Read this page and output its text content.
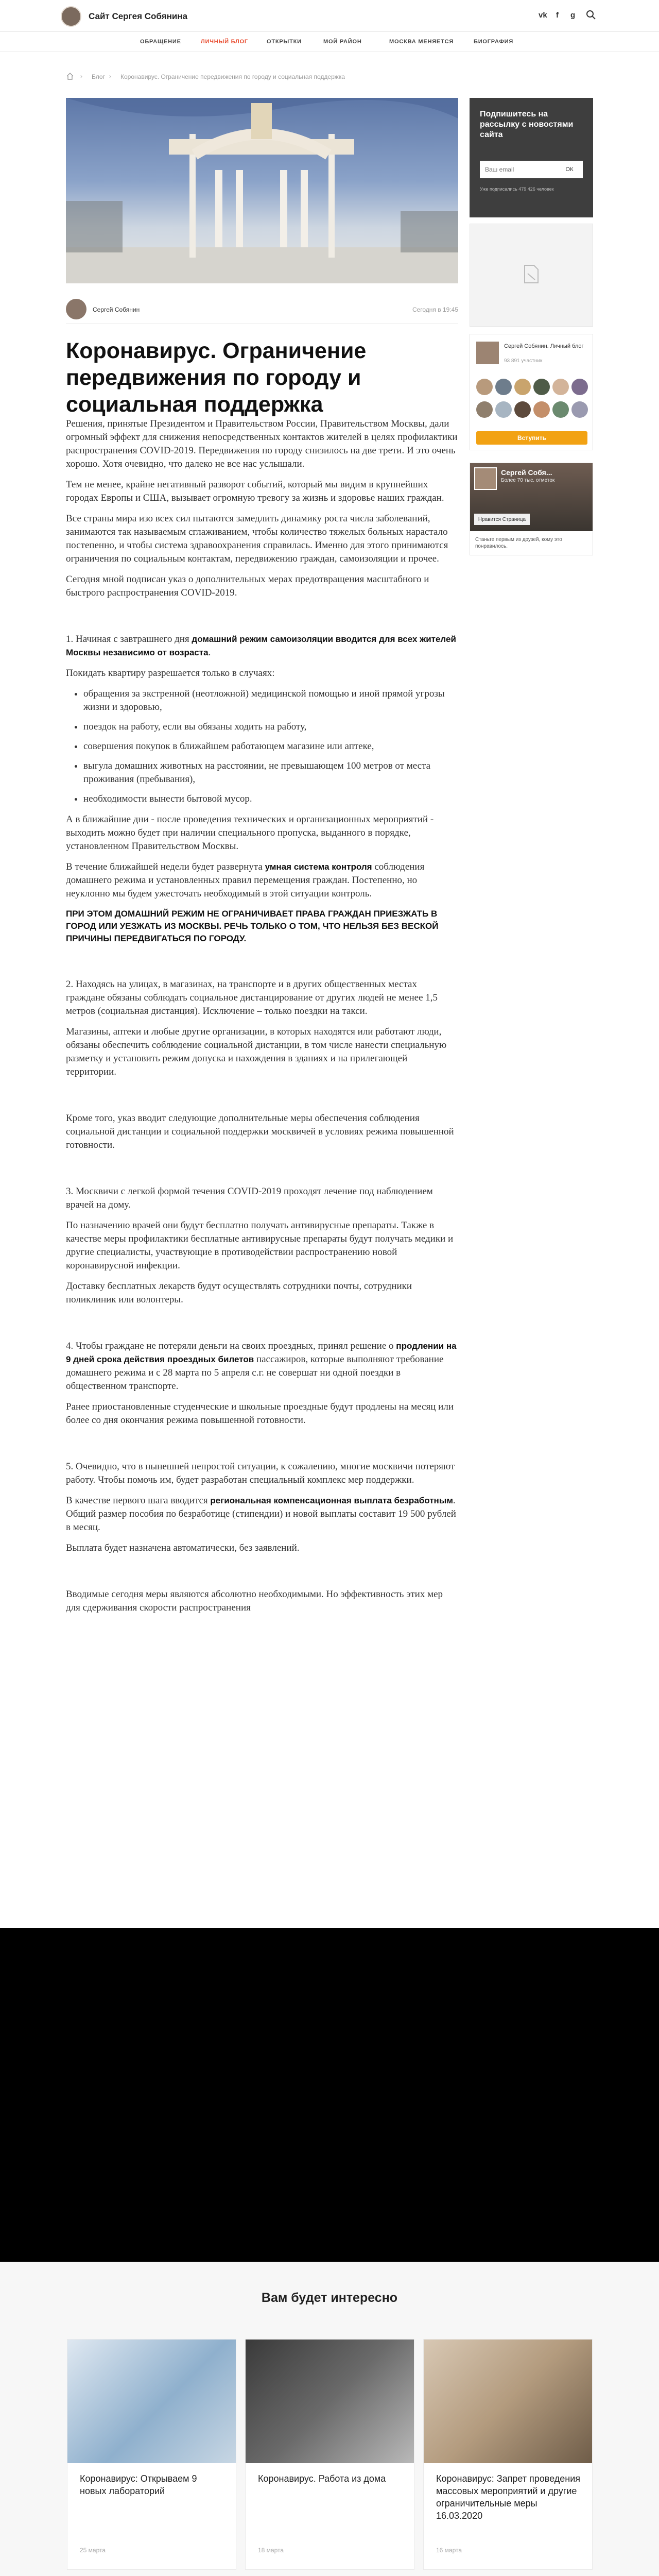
Сайт Сергея Собянина	vk f g
ОБРАЩЕНИЕ	ЛИЧНЫЙ БЛОГ	ОТКРЫТКИ	МОЙ РАЙОН	МОСКВА МЕНЯЕТСЯ	БИОГРАФИЯ
› Блог › Коронавирус. Ограничение передвижения по городу и социальная поддержка
Сергей Собянин	Сегодня в 19:45
Коронавирус. Ограничение передвижения по городу и социальная поддержка

Решения, принятые Президентом и Правительством России, Правительством Москвы, дали огромный эффект для снижения непосредственных контактов жителей в целях профилактики распространения COVID-2019. Передвижения по городу снизилось на две трети. И это очень хорошо. Хотя очевидно, что далеко не все нас услышали.

Тем не менее, крайне негативный разворот событий, который мы видим в крупнейших городах Европы и США, вызывает огромную тревогу за жизнь и здоровье наших граждан.

Все страны мира изо всех сил пытаются замедлить динамику роста числа заболеваний, занимаются так называемым сглаживанием, чтобы количество тяжелых больных нарастало постепенно, и чтобы система здравоохранения справилась. Именно для этого принимаются ограничения по социальным контактам, передвижению граждан, самоизоляции и прочее.

Сегодня мной подписан указ о дополнительных мерах предотвращения масштабного и быстрого распространения COVID-2019.

1. Начиная с завтрашнего дня домашний режим самоизоляции вводится для всех жителей Москвы независимо от возраста.

Покидать квартиру разрешается только в случаях:

• обращения за экстренной (неотложной) медицинской помощью и иной прямой угрозы жизни и здоровью,
• поездок на работу, если вы обязаны ходить на работу,
• совершения покупок в ближайшем работающем магазине или аптеке,
• выгула домашних животных на расстоянии, не превышающем 100 метров от места проживания (пребывания),
• необходимости вынести бытовой мусор.

А в ближайшие дни - после проведения технических и организационных мероприятий - выходить можно будет при наличии специального пропуска, выданного в порядке, установленном Правительством Москвы.

В течение ближайшей недели будет развернута умная система контроля соблюдения домашнего режима и установленных правил перемещения граждан. Постепенно, но неуклонно мы будем ужесточать необходимый в этой ситуации контроль.

ПРИ ЭТОМ ДОМАШНИЙ РЕЖИМ НЕ ОГРАНИЧИВАЕТ ПРАВА ГРАЖДАН ПРИЕЗЖАТЬ В ГОРОД ИЛИ УЕЗЖАТЬ ИЗ МОСКВЫ. РЕЧЬ ТОЛЬКО О ТОМ, ЧТО НЕЛЬЗЯ БЕЗ ВЕСКОЙ ПРИЧИНЫ ПЕРЕДВИГАТЬСЯ ПО ГОРОДУ.

2. Находясь на улицах, в магазинах, на транспорте и в других общественных местах граждане обязаны соблюдать социальное дистанцирование от других людей не менее 1,5 метров (социальная дистанция). Исключение – только поездки на такси.

Магазины, аптеки и любые другие организации, в которых находятся или работают люди, обязаны обеспечить соблюдение социальной дистанции, в том числе нанести специальную разметку и установить режим допуска и нахождения в зданиях и на прилегающей территории.

Кроме того, указ вводит следующие дополнительные меры обеспечения соблюдения социальной дистанции и социальной поддержки москвичей в условиях режима повышенной готовности.

3. Москвичи с легкой формой течения COVID-2019 проходят лечение под наблюдением врачей на дому.

По назначению врачей они будут бесплатно получать антивирусные препараты. Также в качестве меры профилактики бесплатные антивирусные препараты будут получать медики и другие специалисты, участвующие в противодействии распространению новой коронавирусной инфекции.

Доставку бесплатных лекарств будут осуществлять сотрудники почты, сотрудники поликлиник или волонтеры.

4. Чтобы граждане не потеряли деньги на своих проездных, принял решение о продлении на 9 дней срока действия проездных билетов пассажиров, которые выполняют требование домашнего режима и с 28 марта по 5 апреля с.г. не совершат ни одной поездки в общественном транспорте.

Ранее приостановленные студенческие и школьные проездные будут продлены на месяц или более со дня окончания режима повышенной готовности.

5. Очевидно, что в нынешней непростой ситуации, к сожалению, многие москвичи потеряют работу. Чтобы помочь им, будет разработан специальный комплекс мер поддержки.

В качестве первого шага вводится региональная компенсационная выплата безработным. Общий размер пособия по безработице (стипендии) и новой выплаты составит 19 500 рублей в месяц.

Выплата будет назначена автоматически, без заявлений.

Вводимые сегодня меры являются абсолютно необходимыми. Но эффективность этих мер для сдерживания скорости распространения

Подпишитесь на рассылку с новостями сайта
Ваш email
ОК
Уже подписались 479 426 человек
Сергей Собянин. Личный блог
93 891 участник
Вступить
Сергей Собя...
Более 70 тыс. отметок
Нравится Страница
Станьте первым из друзей, кому это понравилось.
Вам будет интересно
Коронавирус: Открываем 9 новых лабораторий
25 марта
Коронавирус. Работа из дома
18 марта
Коронавирус: Запрет проведения массовых мероприятий и другие ограничительные меры 16.03.2020
16 марта
